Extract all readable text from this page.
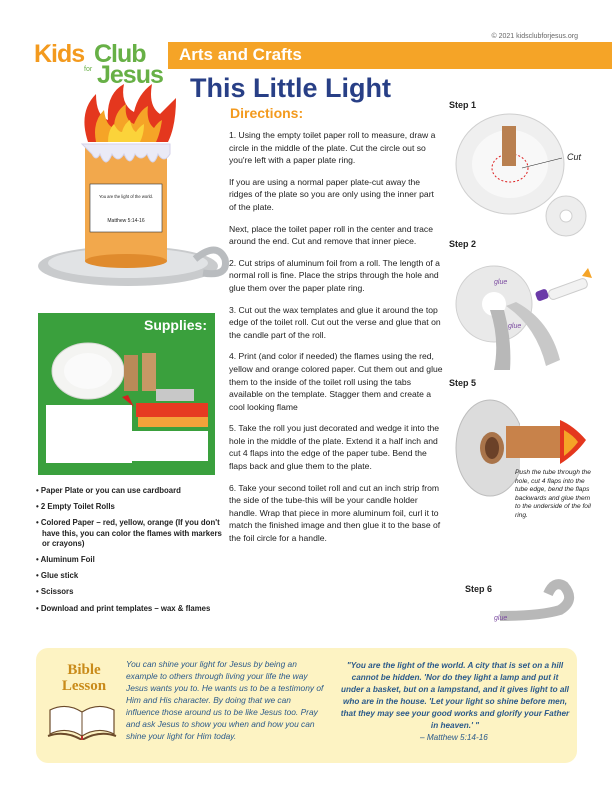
Kids Club
for Jesus
© 2021 kidsclubforjesus.org
Arts and Crafts
This Little Light
You are the light of the world.
Matthew 5:14-16
Supplies:
• Paper Plate or you can use cardboard
• 2 Empty Toilet Rolls
• Colored Paper – red, yellow, orange (If you don't have this, you can color the flames with markers or crayons)
• Aluminum Foil
• Glue stick
• Scissors
• Download and print templates – wax & flames
Directions:

1. Using the empty toilet paper roll to measure, draw a circle in the middle of the plate. Cut the circle out so you're left with a paper plate ring.

If you are using a normal paper plate-cut away the ridges of the plate so you are only using the inner part of the plate.

Next, place the toilet paper roll in the center and trace around the end. Cut and remove that inner piece.

2. Cut strips of aluminum foil from a roll. The length of a normal roll is fine. Place the strips through the hole and glue them over the paper plate ring.

3. Cut out the wax templates and glue it around the top edge of the toilet roll. Cut out the verse and glue that on the candle part of the roll.

4. Print (and color if needed) the flames using the red, yellow and orange colored paper. Cut them out and glue them to the inside of the toilet roll using the tabs available on the template. Stagger them and create a cool looking flame

5. Take the roll you just decorated and wedge it into the hole in the middle of the plate. Extend it a half inch and cut 4 flaps into the edge of the paper tube. Bend the flaps back and glue them to the plate.

6. Take your second toilet roll and cut an inch strip from the side of the tube-this will be your candle holder handle. Wrap that piece in more aluminum foil, curl it to match the finished image and then glue it to the base of the foil circle for a handle.

Step 1
Cut
Step 2
glue
glue
Step 5
Push the tube through the hole, cut 4 flaps into the tube edge, bend the flaps backwards and glue them to the underside of the foil ring.
Step 6
glue
Bible
Lesson
You can shine your light for Jesus by being an example to others through living your life the way Jesus wants you to. He wants us to be a testimony of Him and His character. By doing that we can influence those around us to be like Jesus too. Pray and ask Jesus to show you when and how you can shine your light for Him today.
"You are the light of the world. A city that is set on a hill cannot be hidden. 'Nor do they light a lamp and put it under a basket, but on a lampstand, and it gives light to all who are in the house. 'Let your light so shine before men, that they may see your good works and glorify your Father in heaven.' "
– Matthew 5:14-16
